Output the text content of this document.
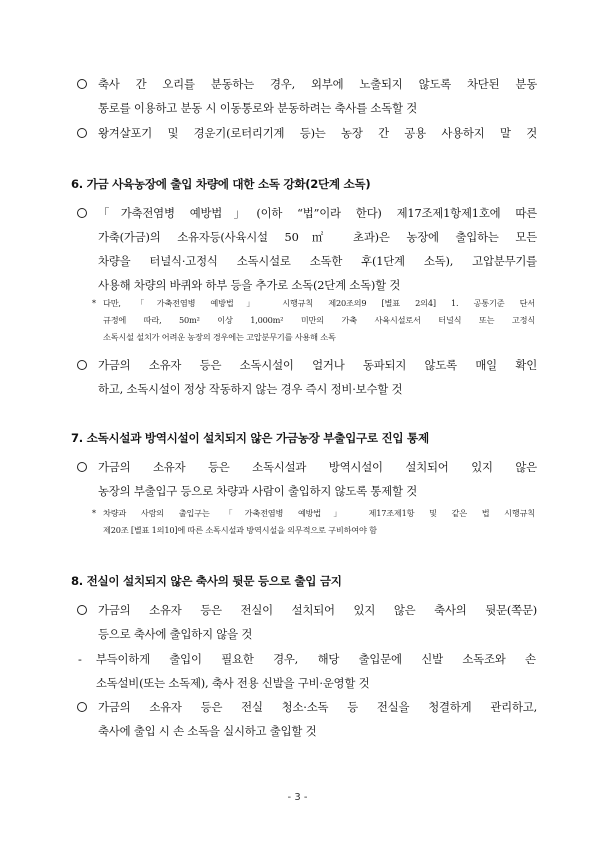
축사 간 오리를 분동하는 경우, 외부에 노출되지 않도록 차단된 분동
통로를 이용하고 분동 시 이동통로와 분동하려는 축사를 소독할 것
왕겨살포기 및 경운기(로터리기계 등)는 농장 간 공용 사용하지 말 것
6. 가금 사육농장에 출입 차량에 대한 소독 강화(2단계 소독)
「가축전염병 예방법」(이하 “법”이라 한다) 제17조제1항제1호에 따른
가축(가금)의 소유자등(사육시설 50㎡ 초과)은 농장에 출입하는 모든
차량을 터널식·고정식 소독시설로 소독한 후(1단계 소독), 고압분무기를
사용해 차량의 바퀴와 하부 등을 추가로 소독(2단계 소독)할 것
* 다만, 「가축전염병 예방법」 시행규칙 제20조의9 [별표 2의4] 1. 공통기준 단서
규정에 따라, 50m² 이상 1,000m² 미만의 가축 사육시설로서 터널식 또는 고정식
소독시설 설치가 어려운 농장의 경우에는 고압분무기를 사용해 소독
가금의 소유자 등은 소독시설이 얼거나 동파되지 않도록 매일 확인
하고, 소독시설이 정상 작동하지 않는 경우 즉시 정비·보수할 것
7. 소독시설과 방역시설이 설치되지 않은 가금농장 부출입구로 진입 통제
가금의 소유자 등은 소독시설과 방역시설이 설치되어 있지 않은
농장의 부출입구 등으로 차량과 사람이 출입하지 않도록 통제할 것
* 차량과 사람의 출입구는 「가축전염병 예방법」 제17조제1항 및 같은 법 시행규칙
제20조 [별표 1의10]에 따른 소독시설과 방역시설을 의무적으로 구비하여야 함
8. 전실이 설치되지 않은 축사의 뒷문 등으로 출입 금지
가금의 소유자 등은 전실이 설치되어 있지 않은 축사의 뒷문(쪽문)
등으로 축사에 출입하지 않을 것
- 부득이하게 출입이 필요한 경우, 해당 출입문에 신발 소독조와 손
소독설비(또는 소독제), 축사 전용 신발을 구비·운영할 것
가금의 소유자 등은 전실 청소·소독 등 전실을 청결하게 관리하고,
축사에 출입 시 손 소독을 실시하고 출입할 것
- 3 -
